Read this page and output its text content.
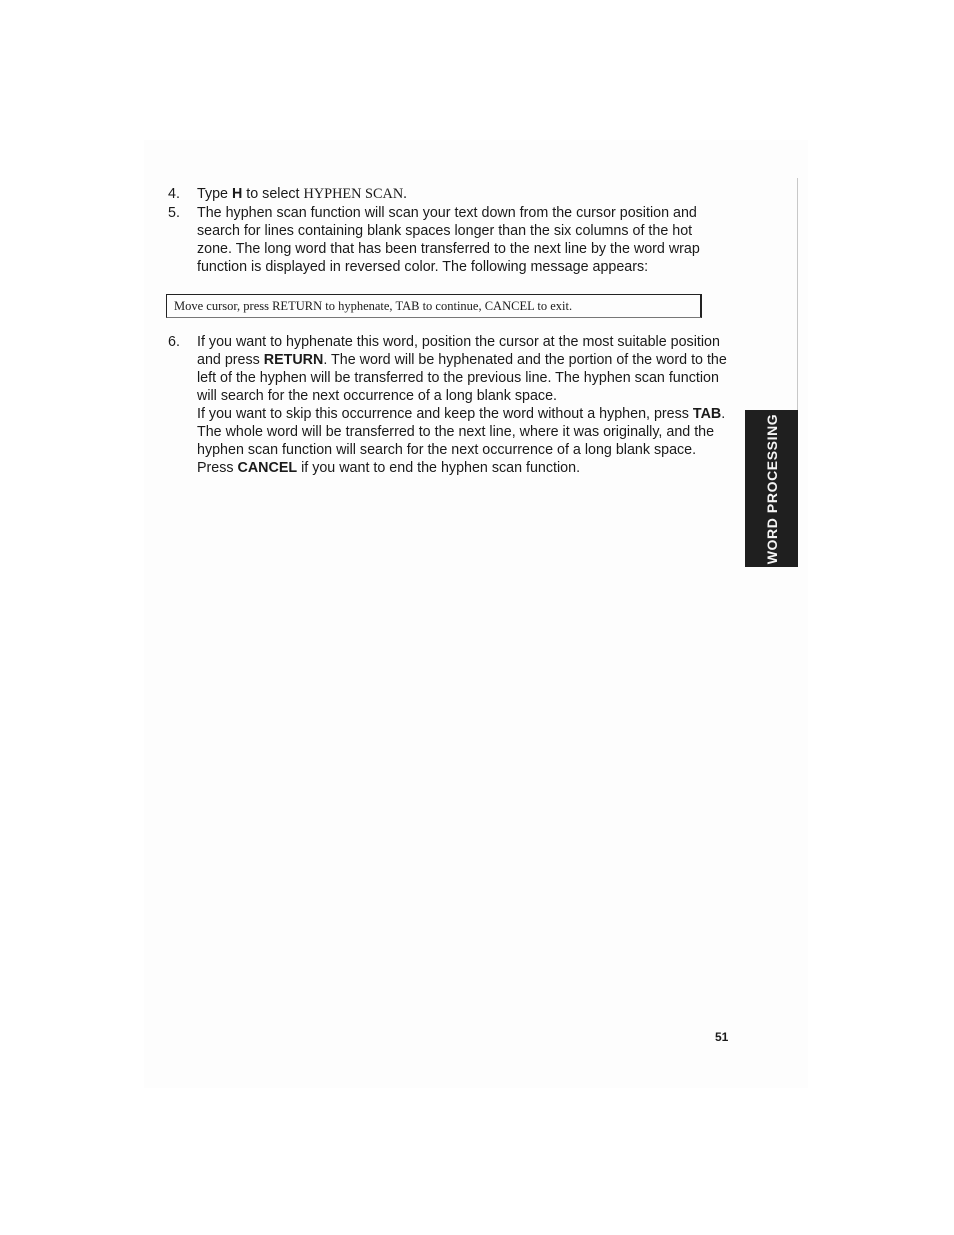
4. Type H to select HYPHEN SCAN.
5. The hyphen scan function will scan your text down from the cursor position and search for lines containing blank spaces longer than the six columns of the hot zone. The long word that has been transferred to the next line by the word wrap function is displayed in reversed color. The following message appears:

Move cursor, press RETURN to hyphenate, TAB to continue, CANCEL to exit.
6. If you want to hyphenate this word, position the cursor at the most suitable position and press RETURN. The word will be hyphenated and the portion of the word to the left of the hyphen will be transferred to the previous line. The hyphen scan function will search for the next occurrence of a long blank space.

If you want to skip this occurrence and keep the word without a hyphen, press TAB. The whole word will be transferred to the next line, where it was originally, and the hyphen scan function will search for the next occurrence of a long blank space.

Press CANCEL if you want to end the hyphen scan function.	WORD PROCESSING
51
